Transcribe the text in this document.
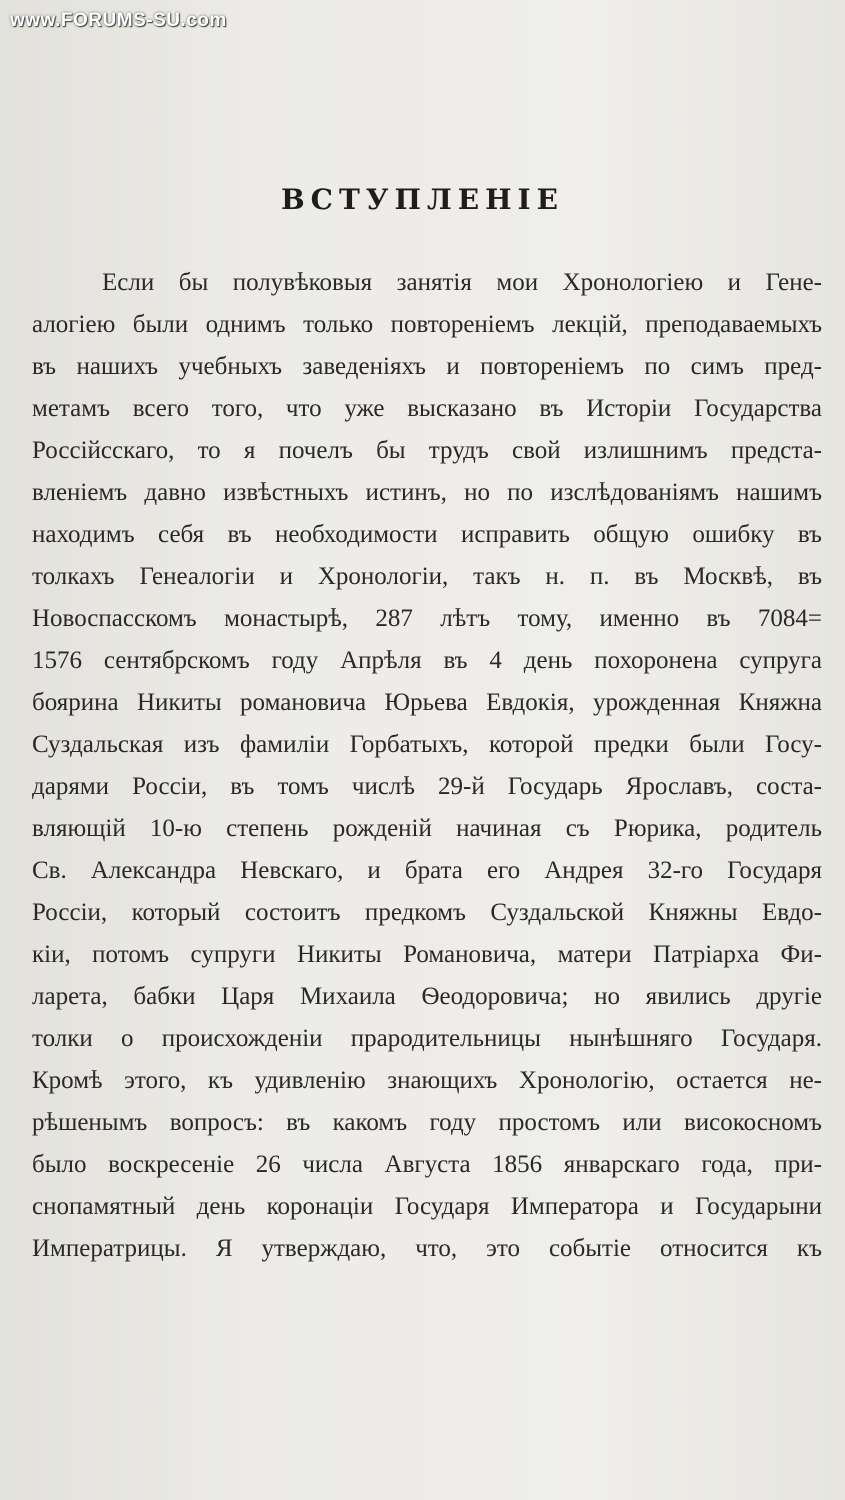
www.FORUMS-SU.com
ВСТУПЛЕНІЕ
Если бы полувѣковыя занятія мои Хронологіею и Гене-
алогіею были однимъ только повтореніемъ лекцій, преподаваемыхъ
въ нашихъ учебныхъ заведеніяхъ и повтореніемъ по симъ пред-
метамъ всего того, что уже высказано въ Исторіи Государства
Россійсскаго, то я почелъ бы трудъ свой излишнимъ предста-
вленіемъ давно извѣстныхъ истинъ, но по изслѣдованіямъ нашимъ
находимъ себя въ необходимости исправить общую ошибку въ
толкахъ Генеалогіи и Хронологіи, такъ н. п. въ Москвѣ, въ
Новоспасскомъ монастырѣ, 287 лѣтъ тому, именно въ 7084=
1576 сентябрскомъ году Апрѣля въ 4 день похоронена супруга
боярина Никиты романовича Юрьева Евдокія, урожденная Княжна
Суздальская изъ фамиліи Горбатыхъ, которой предки были Госу-
дарями Россіи, въ томъ числѣ 29-й Государь Ярославъ, соста-
вляющій 10-ю степень рожденій начиная съ Рюрика, родитель
Св. Александра Невскаго, и брата его Андрея 32-го Государя
Россіи, который состоитъ предкомъ Суздальской Княжны Евдо-
кіи, потомъ супруги Никиты Романовича, матери Патріарха Фи-
ларета, бабки Царя Михаила Ѳеодоровича; но явились другіе
толки о происхожденіи прародительницы нынѣшняго Государя.
Кромѣ этого, къ удивленію знающихъ Хронологію, остается не-
рѣшенымъ вопросъ: въ какомъ году простомъ или високосномъ
было воскресеніе 26 числа Августа 1856 январскаго года, при-
снопамятный день коронаціи Государя Императора и Государыни
Императрицы. Я утверждаю, что, это событіе относится къ
